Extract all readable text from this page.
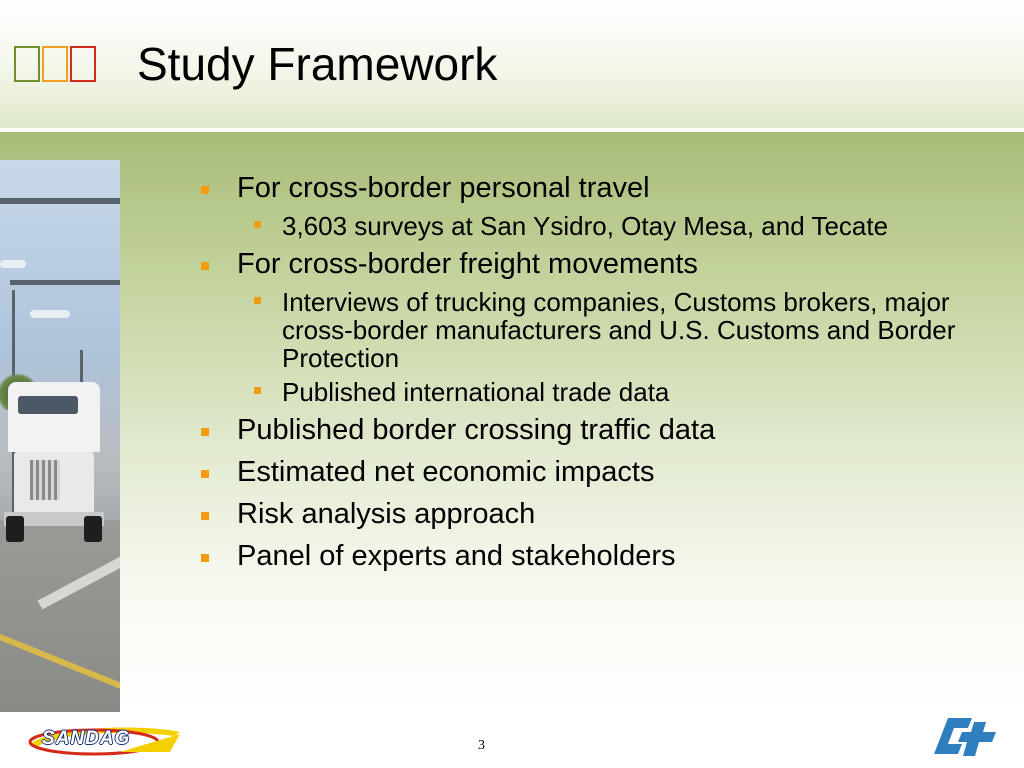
Study Framework
For cross-border personal travel
3,603 surveys at San Ysidro, Otay Mesa, and Tecate
For cross-border freight movements
Interviews of trucking companies, Customs brokers, major cross-border manufacturers and U.S. Customs and Border Protection
Published international trade data
Published border crossing traffic data
Estimated net economic impacts
Risk analysis approach
Panel of experts and stakeholders
SANDAG	3
